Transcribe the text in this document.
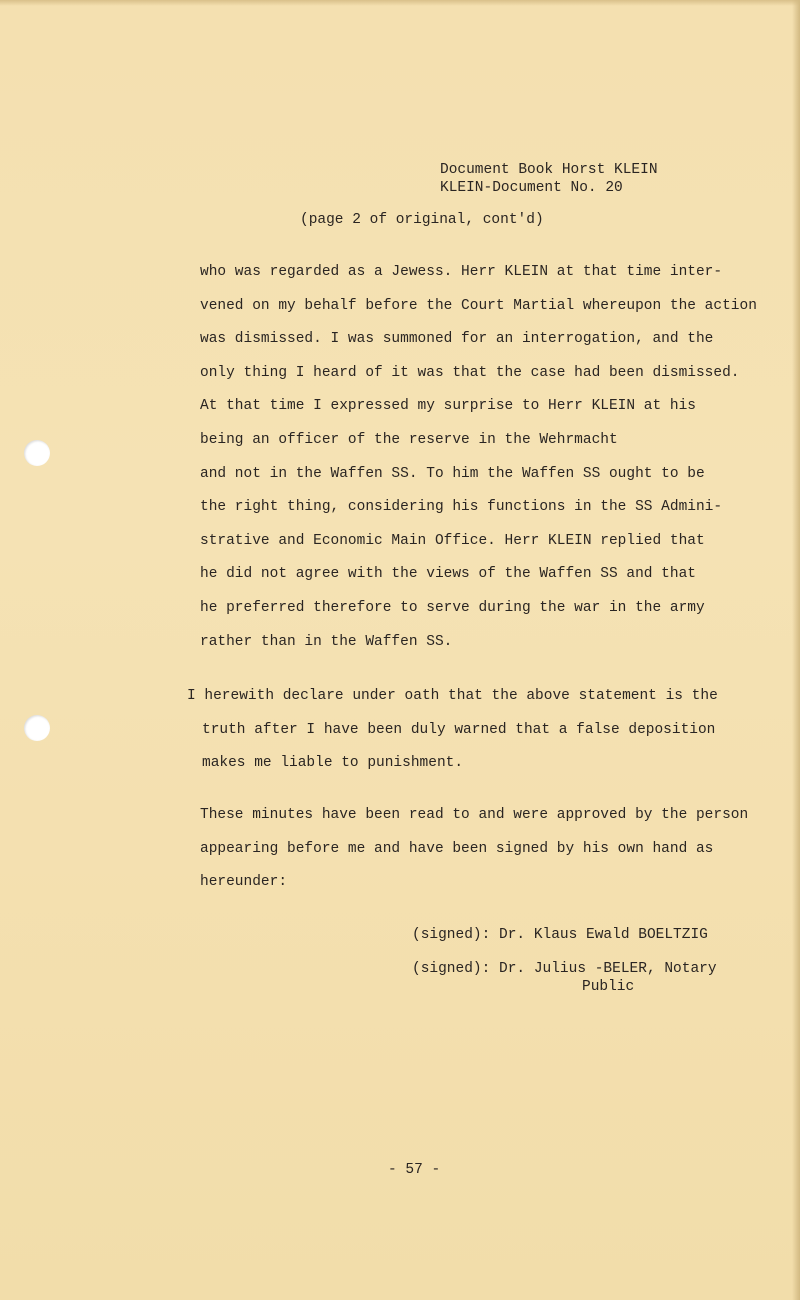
Document Book Horst KLEIN
KLEIN-Document No. 20
(page 2 of original, cont'd)
who was regarded as a Jewess. Herr KLEIN at that time inter-
vened on my behalf before the Court Martial whereupon the action
was dismissed. I was summoned for an interrogation, and the
only thing I heard of it was that the case had been dismissed.
At that time I expressed my surprise to Herr KLEIN at his
being an officer of the reserve in the Wehrmacht
and not in the Waffen SS. To him the Waffen SS ought to be
the right thing, considering his functions in the SS Admini-
strative and Economic Main Office. Herr KLEIN replied that
he did not agree with the views of the Waffen SS and that
he preferred therefore to serve during the war in the army
rather than in the Waffen SS.
I herewith declare under oath that the above statement is the
truth after I have been duly warned that a false deposition
makes me liable to punishment.
These minutes have been read to and were approved by the person
appearing before me and have been signed by his own hand as
hereunder:
(signed): Dr. Klaus Ewald BOELTZIG
(signed): Dr. Julius -BELER, Notary
Public
- 57 -
